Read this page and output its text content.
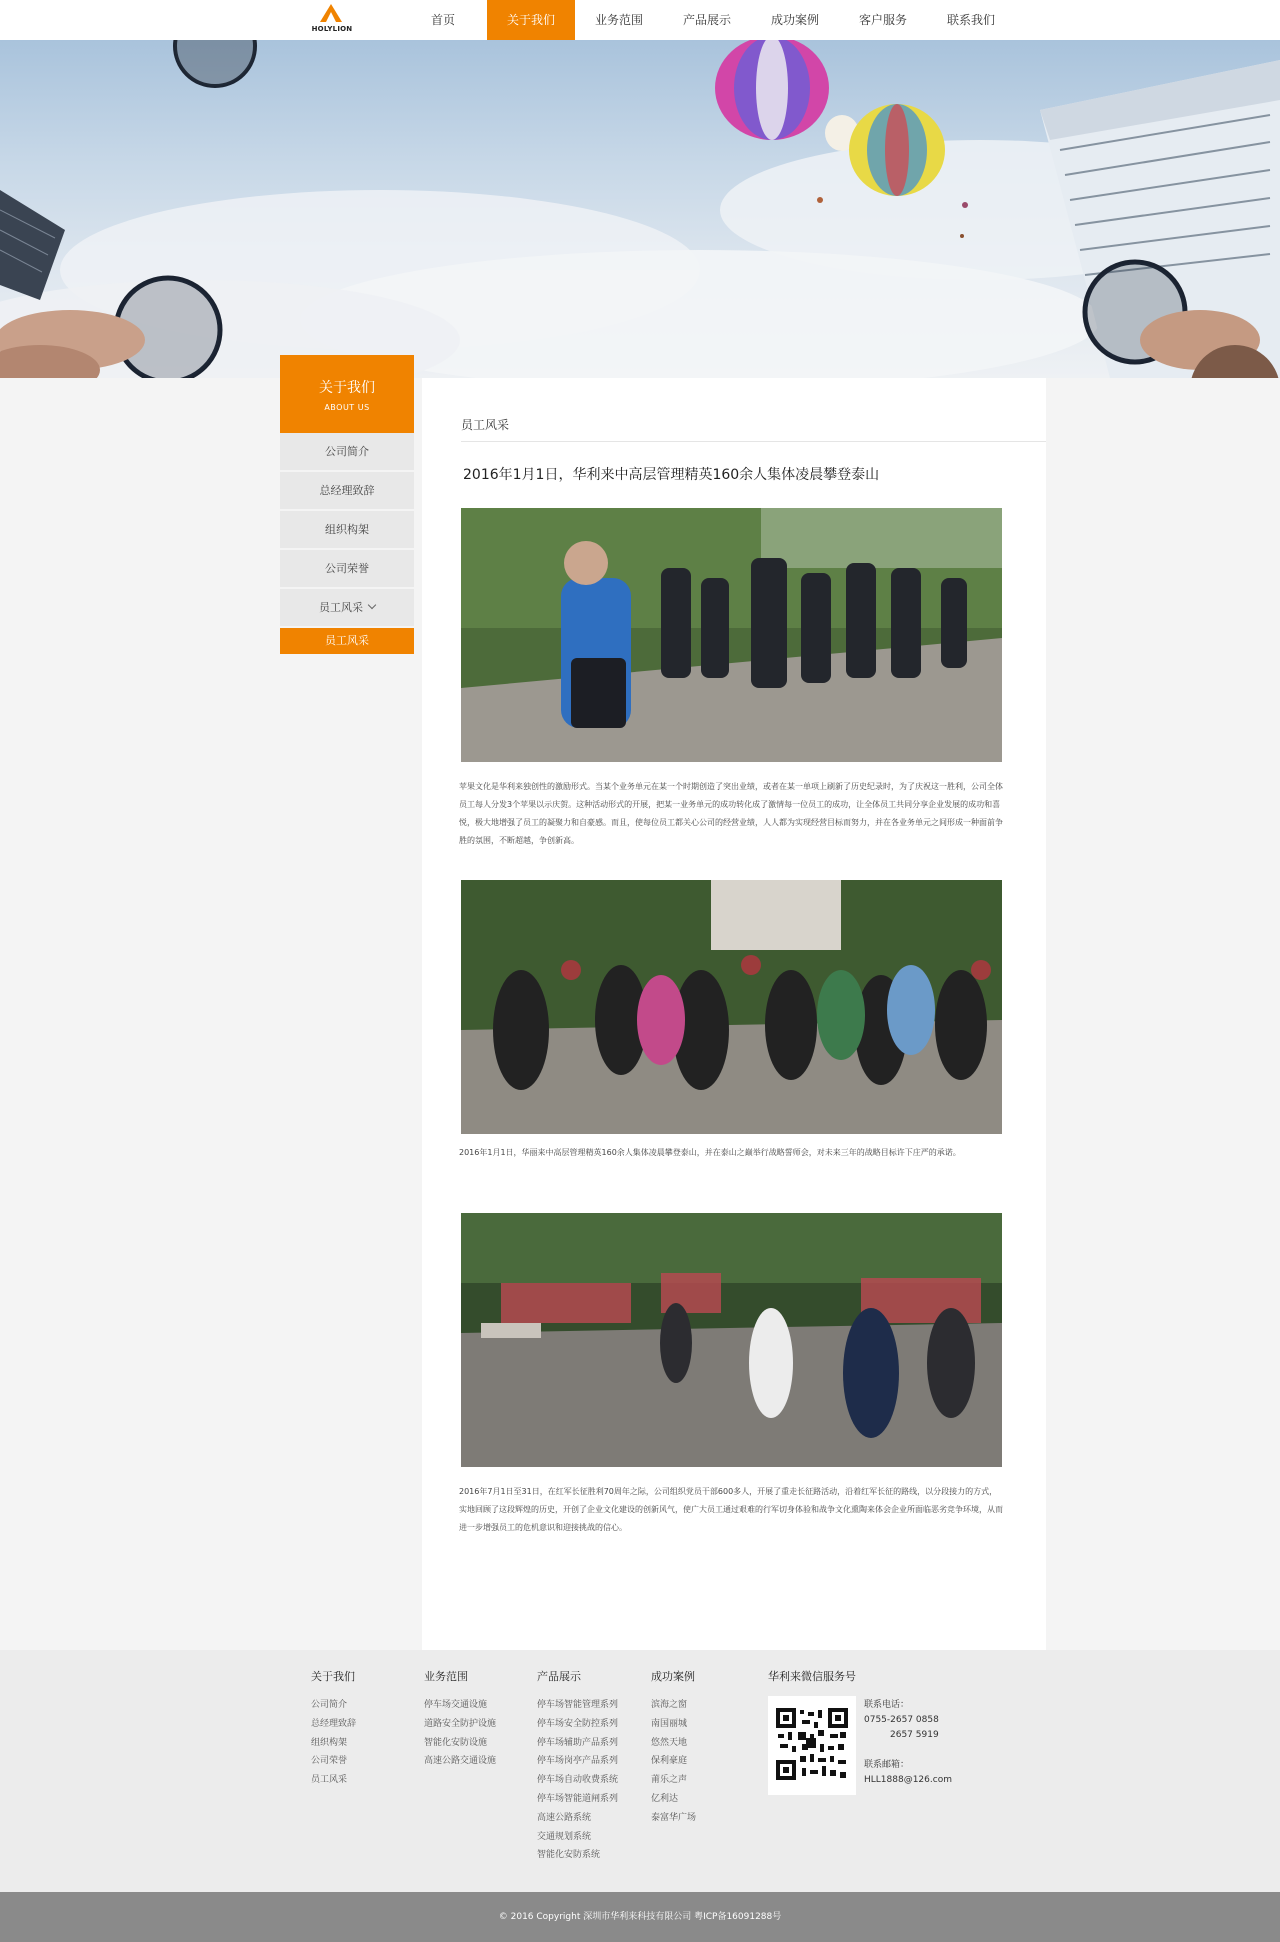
HOLYLION
首页	关于我们	业务范围	产品展示	成功案例	客户服务	联系我们
关于我们
ABOUT US
公司简介
总经理致辞
组织构架
公司荣誉
员工风采
员工风采
员工风采
2016年1月1日，华利来中高层管理精英160余人集体凌晨攀登泰山
苹果文化是华利来独创性的激励形式。当某个业务单元在某一个时期创造了突出业绩，或者在某一单项上刷新了历史纪录时，为了庆祝这一胜利，公司全体员工每人分发3个苹果以示庆贺。这种活动形式的开展，把某一业务单元的成功转化成了激情每一位员工的成功，让全体员工共同分享企业发展的成功和喜悦，极大地增强了员工的凝聚力和自豪感。而且，使每位员工都关心公司的经营业绩，人人都为实现经营目标而努力，并在各业务单元之间形成一种面前争胜的氛围，不断超越，争创新高。
2016年1月1日，华丽来中高层管理精英160余人集体凌晨攀登泰山，并在泰山之巅举行战略誓师会，对未来三年的战略目标许下庄严的承诺。
2016年7月1日至31日，在红军长征胜利70周年之际，公司组织党员干部600多人，开展了重走长征路活动，沿着红军长征的路线，以分段接力的方式，实地回顾了这段辉煌的历史，开创了企业文化建设的创新风气，使广大员工通过艰难的行军切身体验和战争文化熏陶来体会企业所面临恶劣竞争环境，从而进一步增强员工的危机意识和迎接挑战的信心。
关于我们
公司简介
总经理致辞
组织构架
公司荣誉
员工风采
业务范围
停车场交通设施
道路安全防护设施
智能化安防设施
高速公路交通设施
产品展示
停车场智能管理系列
停车场安全防控系列
停车场辅助产品系列
停车场岗亭产品系列
停车场自动收费系统
停车场智能道闸系列
高速公路系统
交通规划系统
智能化安防系统
成功案例
滨海之窗
南国丽城
悠然天地
保利豪庭
莆乐之声
亿利达
泰富华广场
华利来微信服务号
联系电话：
0755-2657 0858
2657 5919
联系邮箱：
HLL1888@126.com
© 2016 Copyright 深圳市华利来科技有限公司 粤ICP备16091288号
